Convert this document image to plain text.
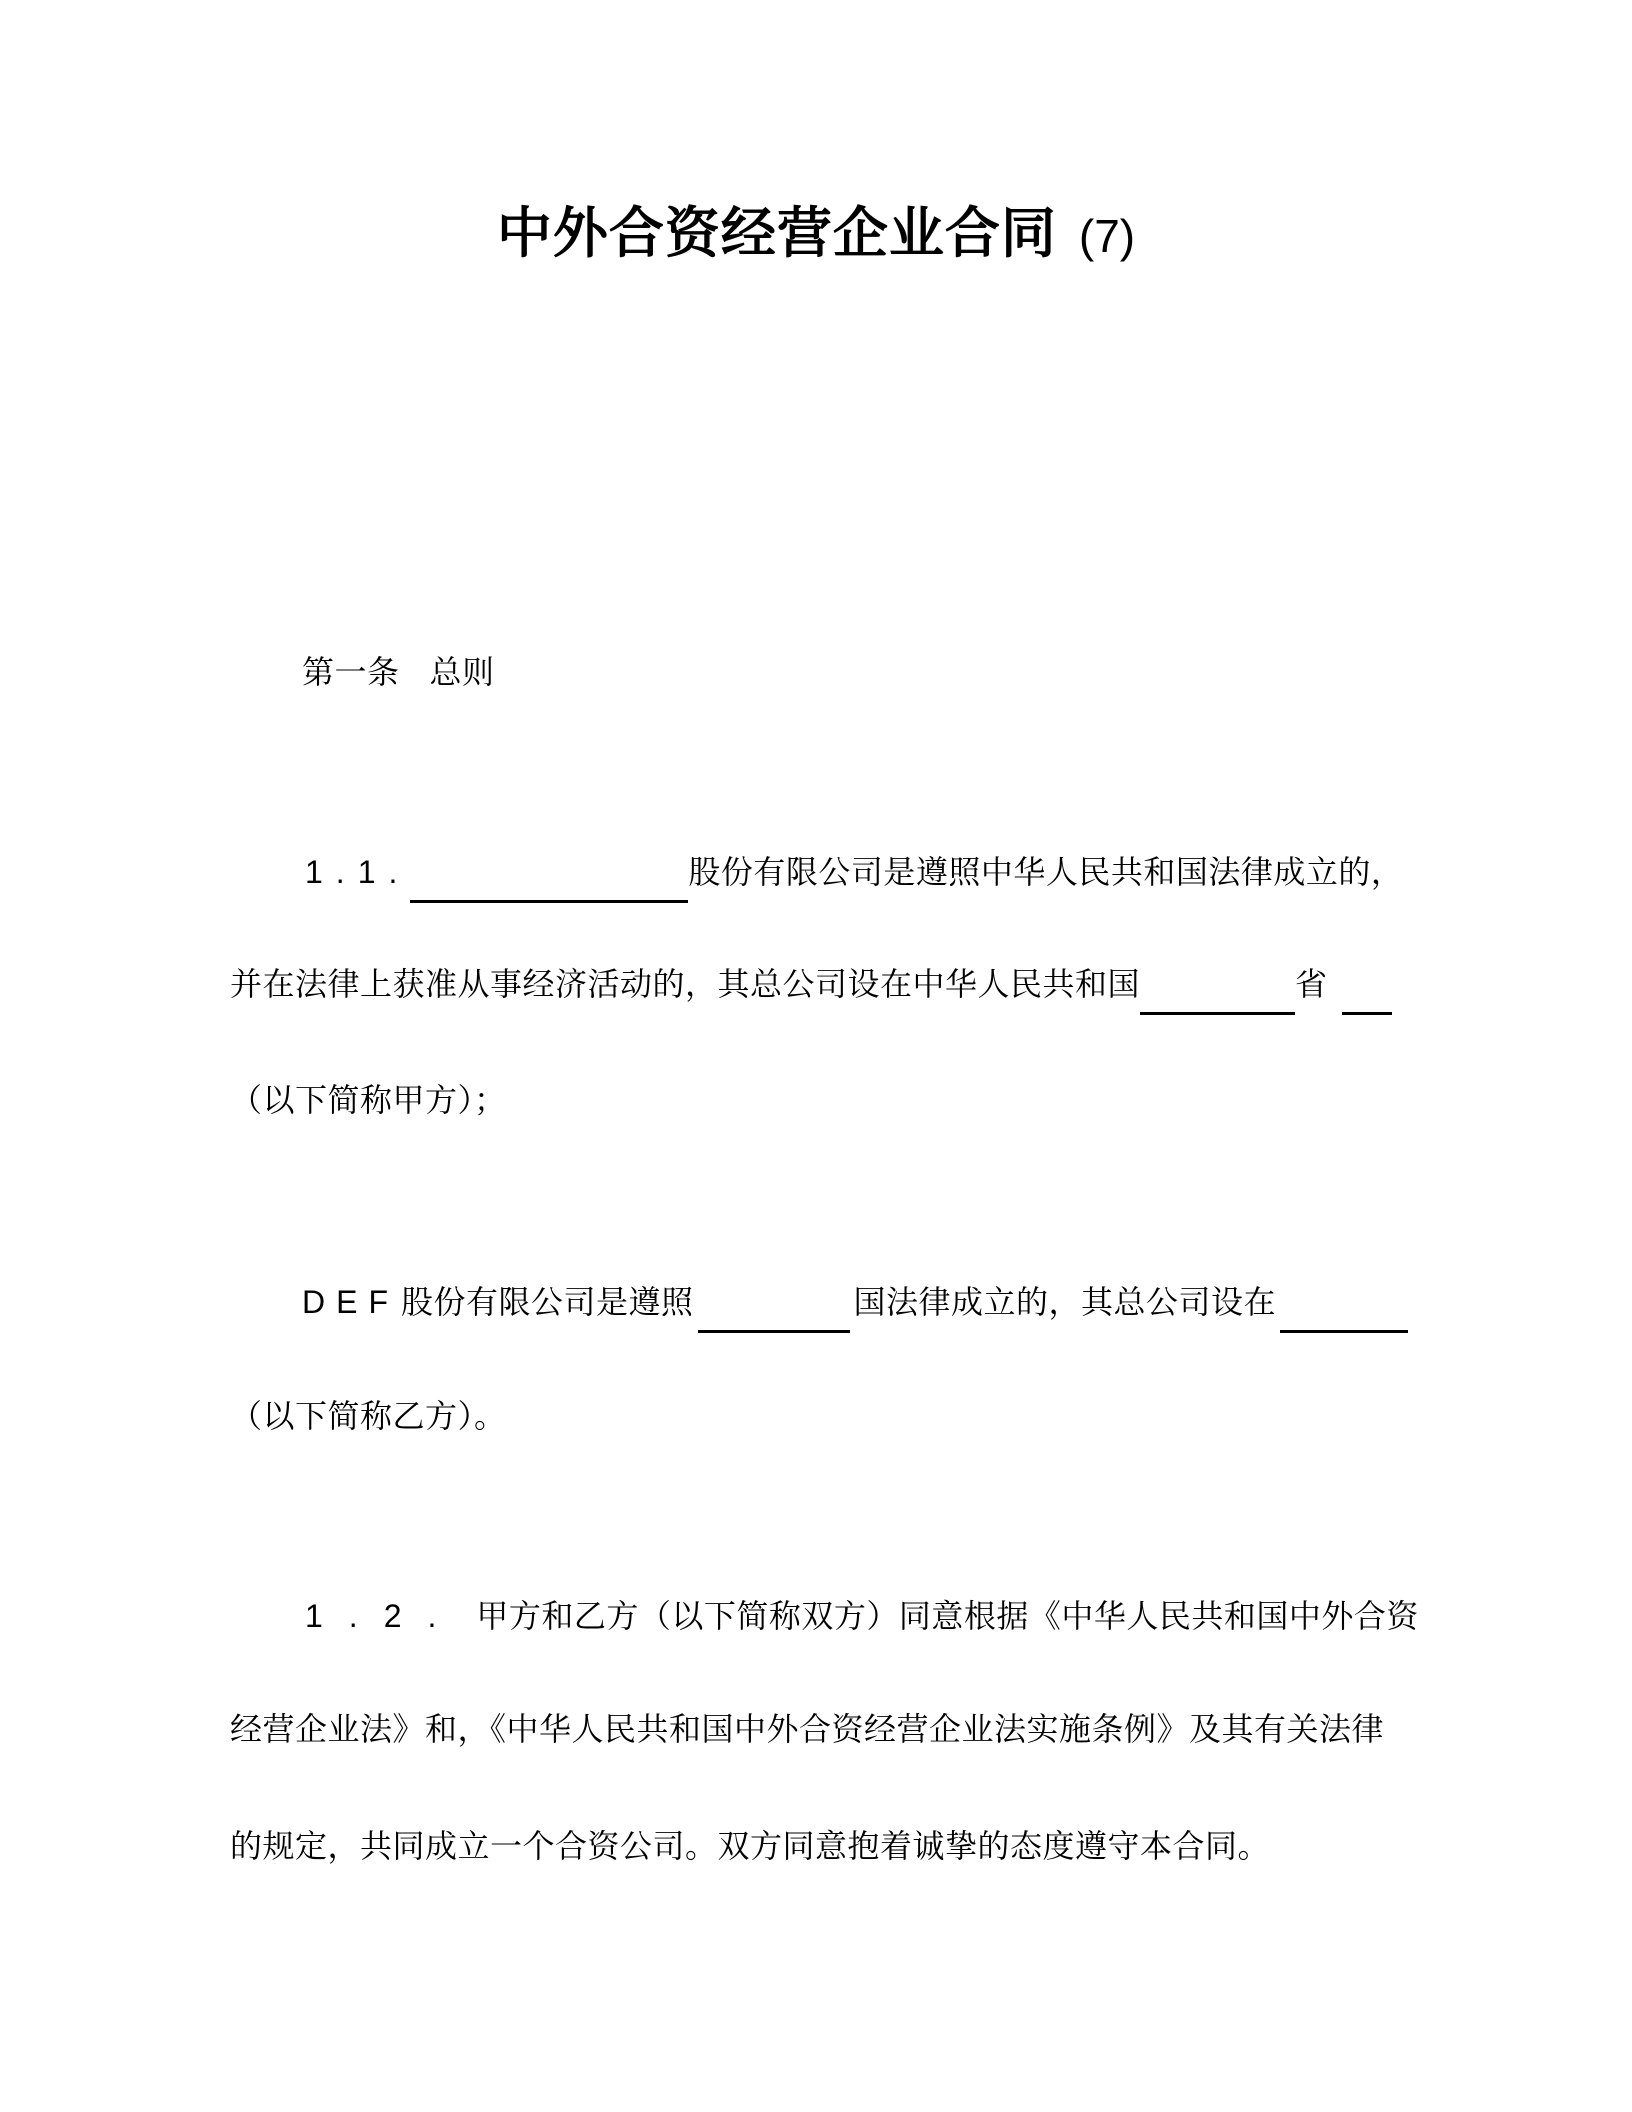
中外合资经营企业合同 (7)
第一条 总则
1.1.	股份有限公司是遵照中华人民共和国法律成立的，
并在法律上获准从事经济活动的，其总公司设在中华人民共和国	省
（以下简称甲方）；
DEF股份有限公司是遵照	国法律成立的，其总公司设在
（以下简称乙方）。
1.2. 甲方和乙方（以下简称双方）同意根据《中华人民共和国中外合资
经营企业法》和，《中华人民共和国中外合资经营企业法实施条例》及其有关法律
的规定，共同成立一个合资公司。双方同意抱着诚挚的态度遵守本合同。
